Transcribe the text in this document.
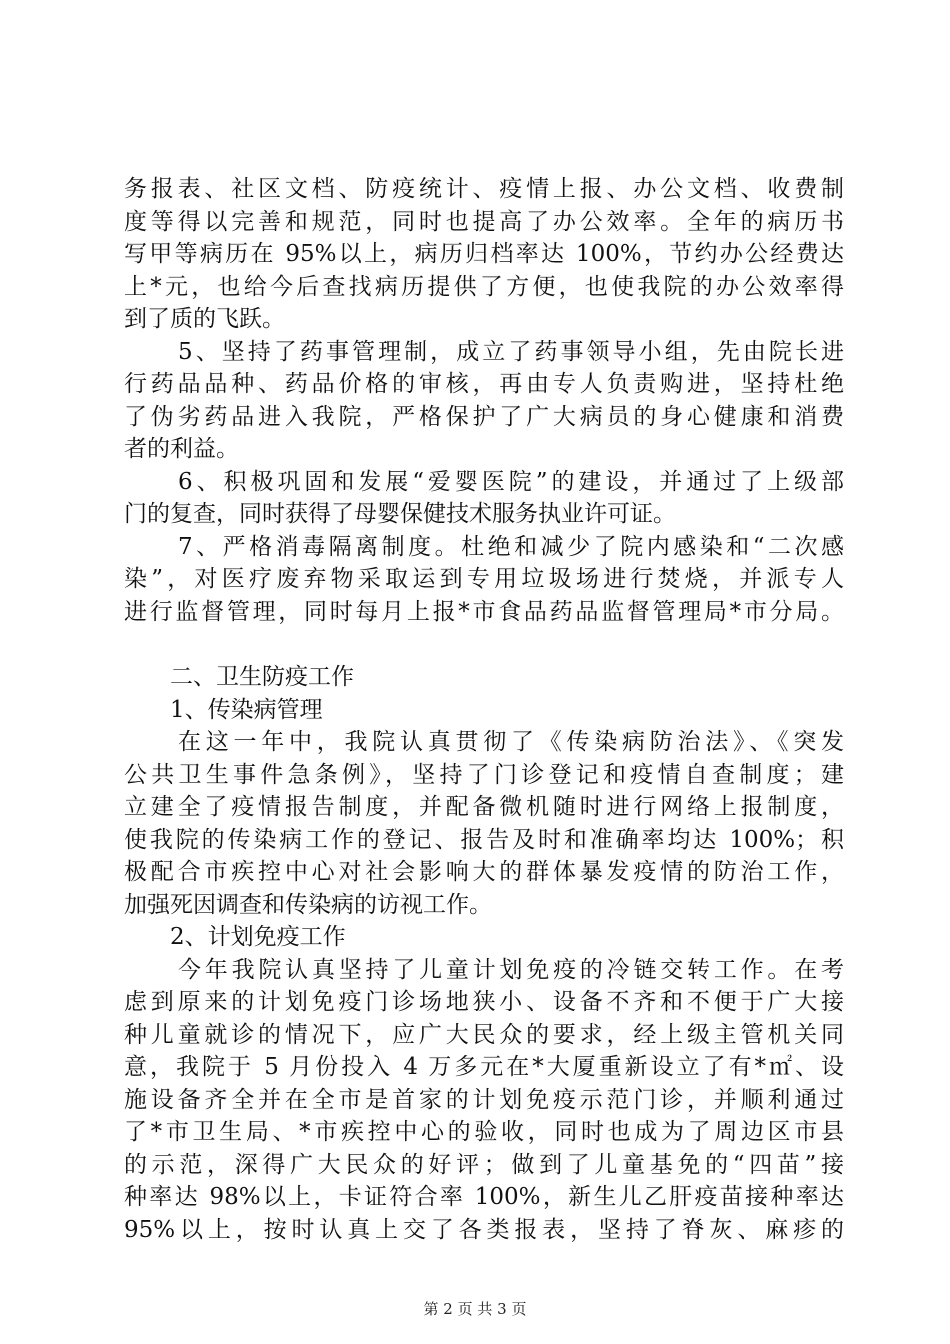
务报表、社区文档、防疫统计、疫情上报、办公文档、收费制
度等得以完善和规范，同时也提高了办公效率。全年的病历书
写甲等病历在 95%以上，病历归档率达 100%，节约办公经费达
上*元，也给今后查找病历提供了方便，也使我院的办公效率得
到了质的飞跃。
5、坚持了药事管理制，成立了药事领导小组，先由院长进
行药品品种、药品价格的审核，再由专人负责购进，坚持杜绝
了伪劣药品进入我院，严格保护了广大病员的身心健康和消费
者的利益。
6、积极巩固和发展“爱婴医院”的建设，并通过了上级部
门的复查，同时获得了母婴保健技术服务执业许可证。
7、严格消毒隔离制度。杜绝和减少了院内感染和“二次感
染”，对医疗废弃物采取运到专用垃圾场进行焚烧，并派专人
进行监督管理，同时每月上报*市食品药品监督管理局*市分局。
二、卫生防疫工作
1、传染病管理
在这一年中，我院认真贯彻了《传染病防治法》、《突发
公共卫生事件急条例》，坚持了门诊登记和疫情自查制度；建
立建全了疫情报告制度，并配备微机随时进行网络上报制度，
使我院的传染病工作的登记、报告及时和准确率均达 100%；积
极配合市疾控中心对社会影响大的群体暴发疫情的防治工作，
加强死因调查和传染病的访视工作。
2、计划免疫工作
今年我院认真坚持了儿童计划免疫的冷链交转工作。在考
虑到原来的计划免疫门诊场地狭小、设备不齐和不便于广大接
种儿童就诊的情况下，应广大民众的要求，经上级主管机关同
意，我院于 5 月份投入 4 万多元在*大厦重新设立了有*㎡、设
施设备齐全并在全市是首家的计划免疫示范门诊，并顺利通过
了*市卫生局、*市疾控中心的验收，同时也成为了周边区市县
的示范，深得广大民众的好评；做到了儿童基免的“四苗”接
种率达 98%以上，卡证符合率 100%，新生儿乙肝疫苗接种率达
95%以上，按时认真上交了各类报表，坚持了脊灰、麻疹的
第 2 页 共 3 页
